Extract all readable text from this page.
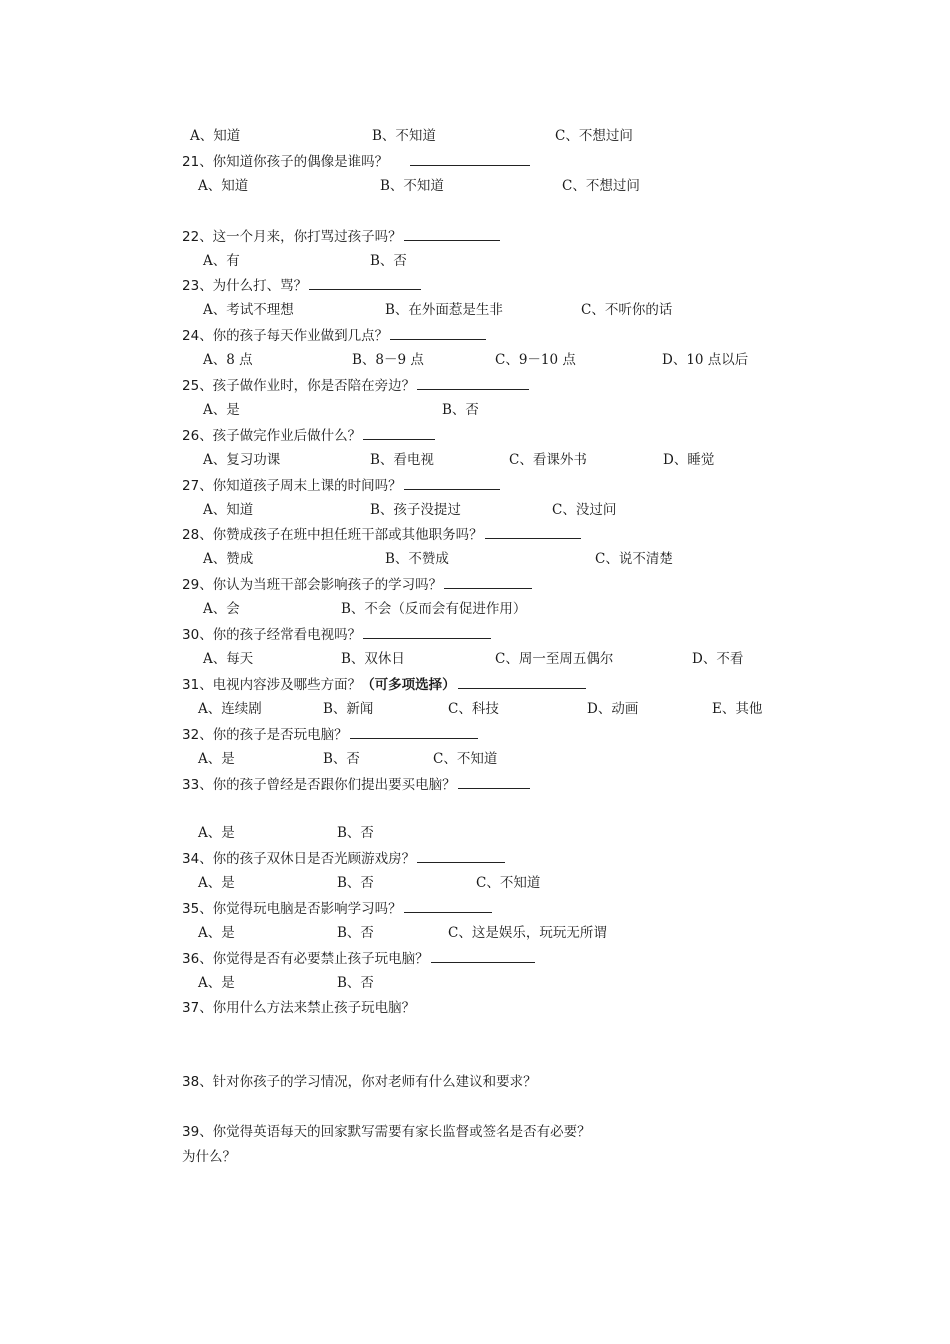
A、知道	B、不知道	C、不想过问
21、你知道你孩子的偶像是谁吗？
A、知道	B、不知道	C、不想过问
22、这一个月来，你打骂过孩子吗？
A、有	B、否
23、为什么打、骂？
A、考试不理想	B、在外面惹是生非	C、不听你的话
24、你的孩子每天作业做到几点？
A、8 点	B、8－9 点	C、9－10 点	D、10 点以后
25、孩子做作业时，你是否陪在旁边？
A、是	B、否
26、孩子做完作业后做什么？
A、复习功课	B、看电视	C、看课外书	D、睡觉
27、你知道孩子周末上课的时间吗？
A、知道	B、孩子没提过	C、没过问
28、你赞成孩子在班中担任班干部或其他职务吗？
A、赞成	B、不赞成	C、说不清楚
29、你认为当班干部会影响孩子的学习吗？
A、会	B、不会（反而会有促进作用）
30、你的孩子经常看电视吗？
A、每天	B、双休日	C、周一至周五偶尔	D、不看
31、电视内容涉及哪些方面？（可多项选择）
A、连续剧	B、新闻	C、科技	D、动画	E、其他
32、你的孩子是否玩电脑？
A、是	B、否	C、不知道
33、你的孩子曾经是否跟你们提出要买电脑？
A、是	B、否
34、你的孩子双休日是否光顾游戏房？
A、是	B、否	C、不知道
35、你觉得玩电脑是否影响学习吗？
A、是	B、否	C、这是娱乐，玩玩无所谓
36、你觉得是否有必要禁止孩子玩电脑？
A、是	B、否
37、你用什么方法来禁止孩子玩电脑？
38、针对你孩子的学习情况，你对老师有什么建议和要求？
39、你觉得英语每天的回家默写需要有家长监督或签名是否有必要？
为什么？
